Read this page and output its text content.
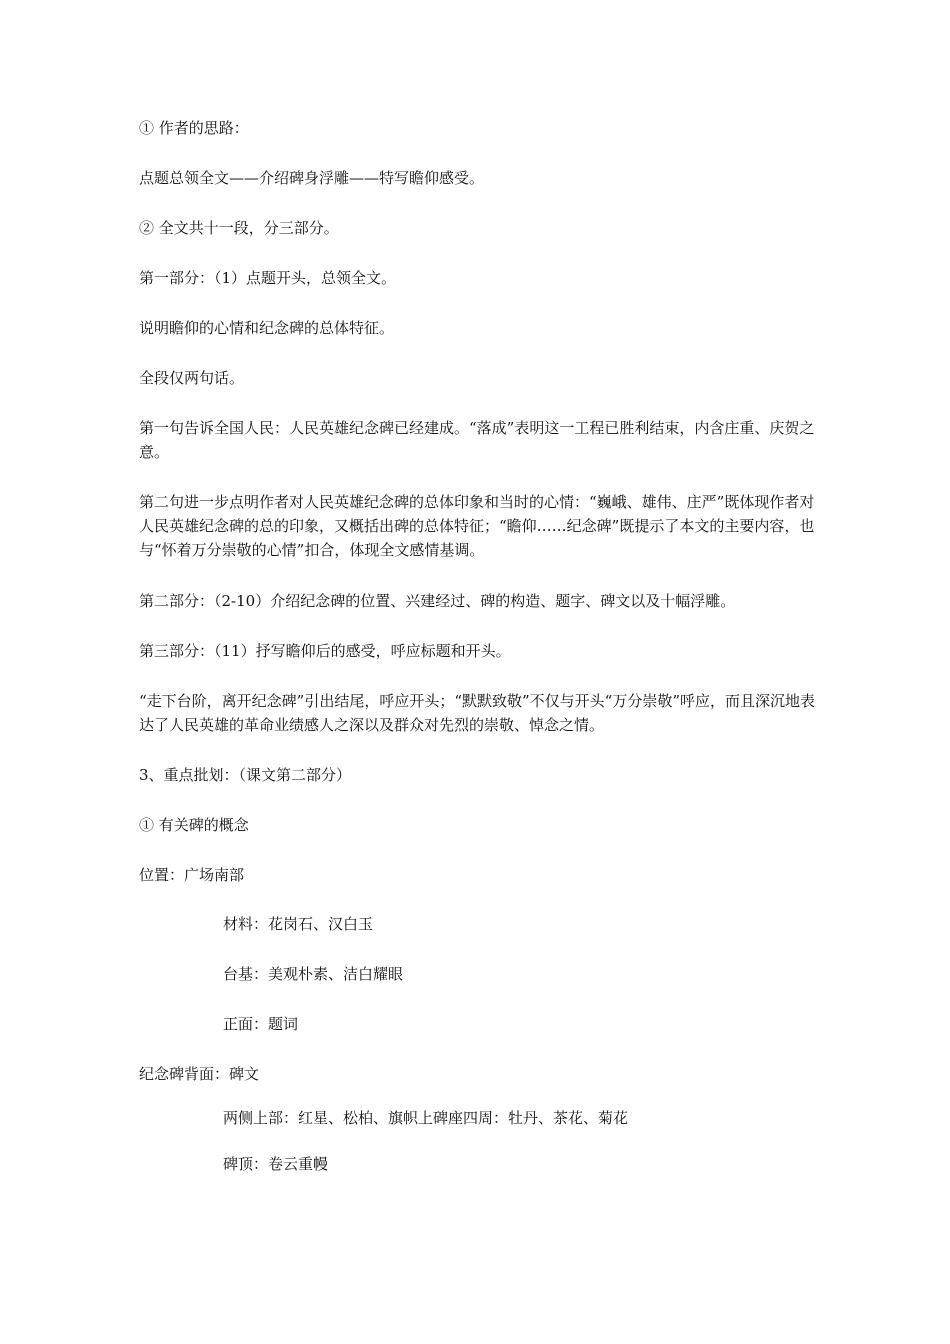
① 作者的思路：

点题总领全文——介绍碑身浮雕——特写瞻仰感受。

② 全文共十一段，分三部分。

第一部分：（1）点题开头，总领全文。

说明瞻仰的心情和纪念碑的总体特征。

全段仅两句话。

第一句告诉全国人民：人民英雄纪念碑已经建成。“落成”表明这一工程已胜利结束，内含庄重、庆贺之意。

第二句进一步点明作者对人民英雄纪念碑的总体印象和当时的心情：“巍峨、雄伟、庄严”既体现作者对人民英雄纪念碑的总的印象，又概括出碑的总体特征；“瞻仰……纪念碑”既提示了本文的主要内容，也与“怀着万分崇敬的心情”扣合，体现全文感情基调。

第二部分：（2-10）介绍纪念碑的位置、兴建经过、碑的构造、题字、碑文以及十幅浮雕。

第三部分：（11）抒写瞻仰后的感受，呼应标题和开头。

“走下台阶，离开纪念碑”引出结尾，呼应开头；“默默致敬”不仅与开头“万分崇敬”呼应，而且深沉地表达了人民英雄的革命业绩感人之深以及群众对先烈的崇敬、悼念之情。

3、重点批划：（课文第二部分）

① 有关碑的概念

位置：广场南部

材料：花岗石、汉白玉

台基：美观朴素、洁白耀眼

正面：题词

纪念碑背面：碑文

两侧上部：红星、松柏、旗帜上碑座四周：牡丹、茶花、菊花

碑顶：卷云重幔
